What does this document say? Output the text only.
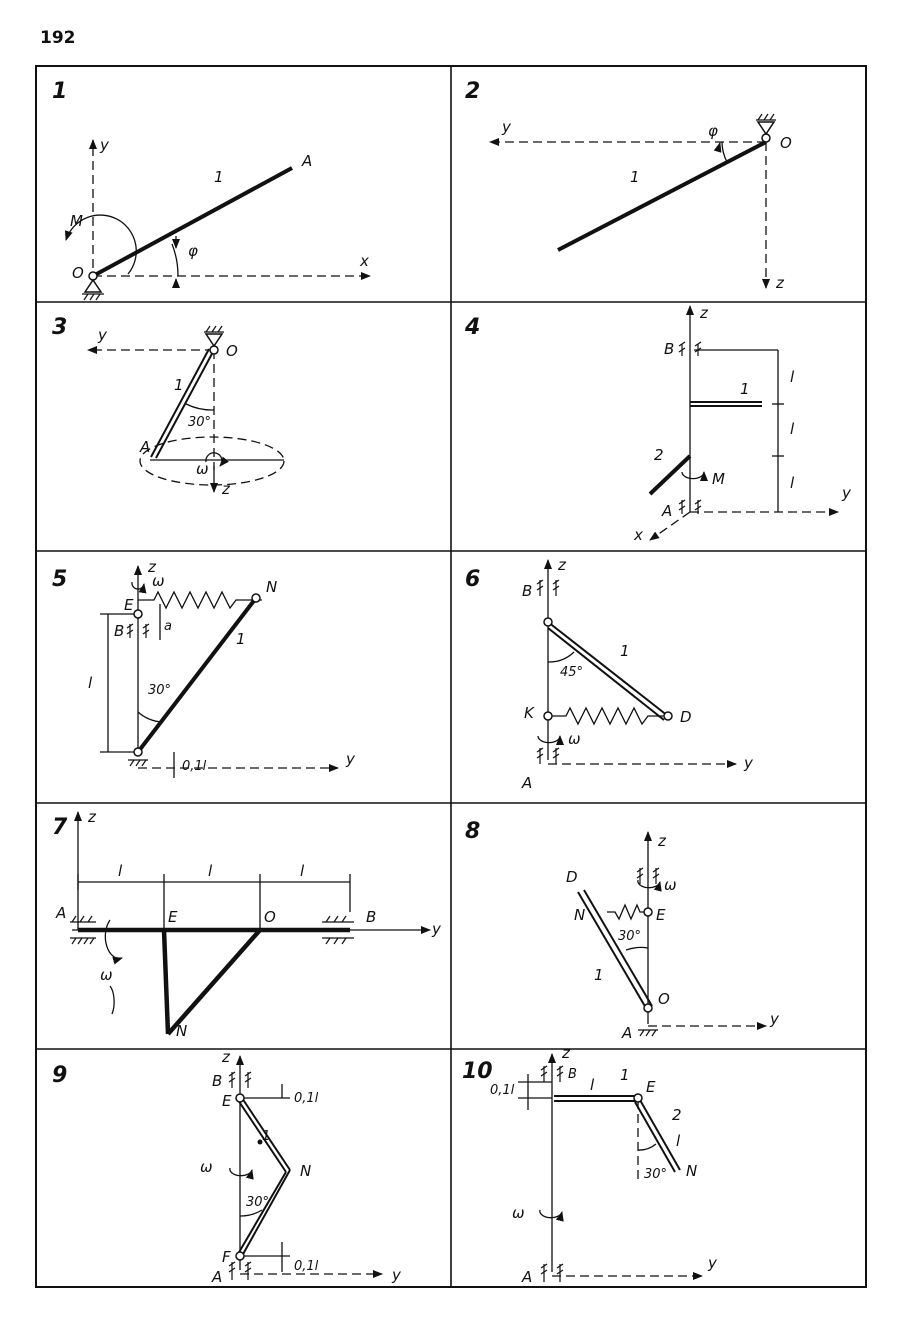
192
1
y
x
M
O
A
1
φ
2
y
z
O
1
φ
3 y
z
O
A
1
30°
ω
4
z
y
x
B
A
M
1
2
l
l
l
5	z
y
ω
E
B
N
a
l	30°
1
0,1l
6
z
y
B
K	D
A
ω
45°
1
7 z
y
A	E	O	B
N
ω
l	l	l
8	z
y
ω
D
N	E
O
A
30°
1
9
z
y
B
E
N
F
A
ω
30°
0,1l
0,1l
1
10
z
y
B
E
N
A
ω
0,1l
1
2
l
l
30°
